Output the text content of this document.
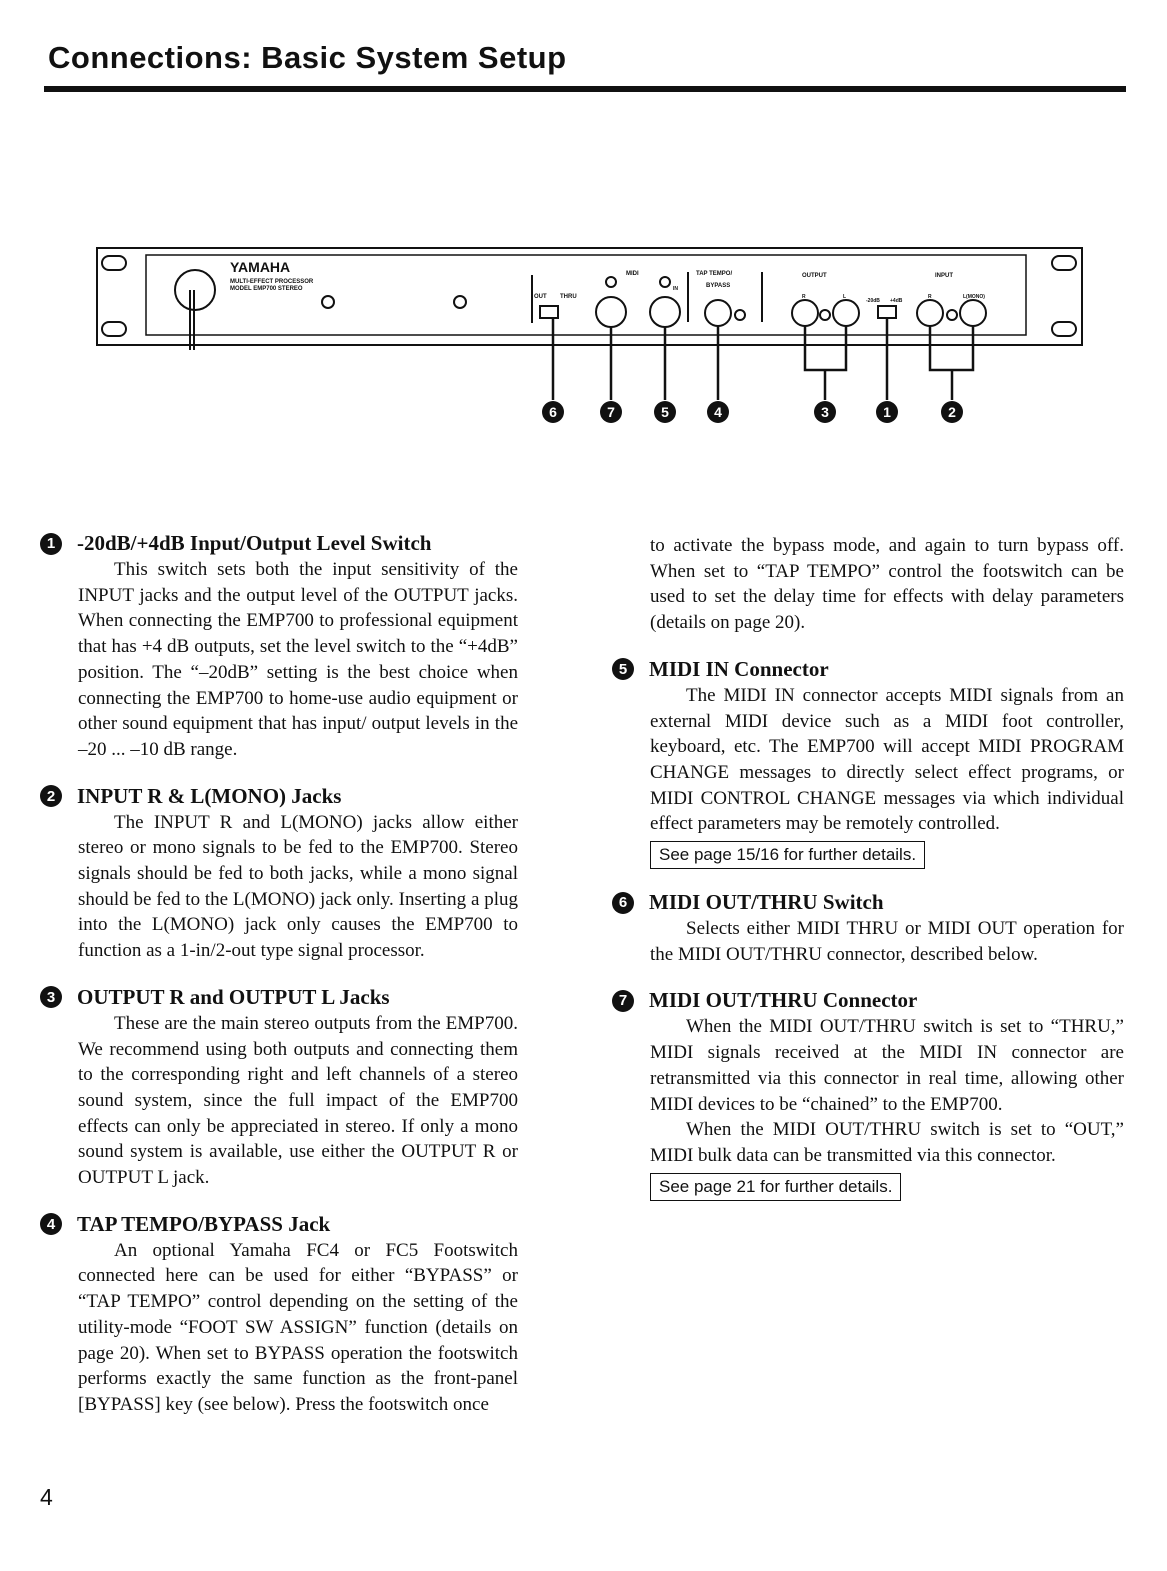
Connections: Basic System Setup
YAMAHA
MULTI-EFFECT PROCESSOR
MODEL EMP700 STEREO
OUT THRU
MIDI
IN
TAP TEMPO/
BYPASS
OUTPUT	INPUT
R	L
-20dB +4dB
R	L(MONO)
6	7	5	4	3	1	2
1	-20dB/+4dB Input/Output Level Switch

This switch sets both the input sensitivity of the INPUT jacks and the output level of the OUTPUT jacks. When connecting the EMP700 to professional equipment that has +4 dB outputs, set the level switch to the “+4dB” position. The “–20dB” setting is the best choice when connecting the EMP700 to home-use audio equipment or other sound equipment that has input/ output levels in the –20 ... –10 dB range.

2	INPUT R & L(MONO) Jacks

The INPUT R and L(MONO) jacks allow either stereo or mono signals to be fed to the EMP700. Stereo signals should be fed to both jacks, while a mono signal should be fed to the L(MONO) jack only. Inserting a plug into the L(MONO) jack only causes the EMP700 to function as a 1-in/2-out type signal processor.

3	OUTPUT R and OUTPUT L Jacks

These are the main stereo outputs from the EMP700. We recommend using both outputs and connecting them to the corresponding right and left channels of a stereo sound system, since the full impact of the EMP700 effects can only be appreciated in stereo. If only a mono sound system is available, use either the OUTPUT R or OUTPUT L jack.

4	TAP TEMPO/BYPASS Jack

An optional Yamaha FC4 or FC5 Footswitch connected here can be used for either “BYPASS” or “TAP TEMPO” control depending on the setting of the utility-mode “FOOT SW ASSIGN” function (details on page 20). When set to BYPASS operation the footswitch performs exactly the same function as the front-panel [BYPASS] key (see below). Press the footswitch once

to activate the bypass mode, and again to turn bypass off. When set to “TAP TEMPO” control the footswitch can be used to set the delay time for effects with delay parameters (details on page 20).

5	MIDI IN Connector

The MIDI IN connector accepts MIDI signals from an external MIDI device such as a MIDI foot controller, keyboard, etc. The EMP700 will accept MIDI PROGRAM CHANGE messages to directly select effect programs, or MIDI CONTROL CHANGE messages via which individual effect parameters may be remotely controlled.

See page 15/16 for further details.
6	MIDI OUT/THRU Switch

Selects either MIDI THRU or MIDI OUT operation for the MIDI OUT/THRU connector, described below.

7	MIDI OUT/THRU Connector

When the MIDI OUT/THRU switch is set to “THRU,” MIDI signals received at the MIDI IN connector are retransmitted via this connector in real time, allowing other MIDI devices to be “chained” to the EMP700.

When the MIDI OUT/THRU switch is set to “OUT,” MIDI bulk data can be transmitted via this connector.

See page 21 for further details.
4
